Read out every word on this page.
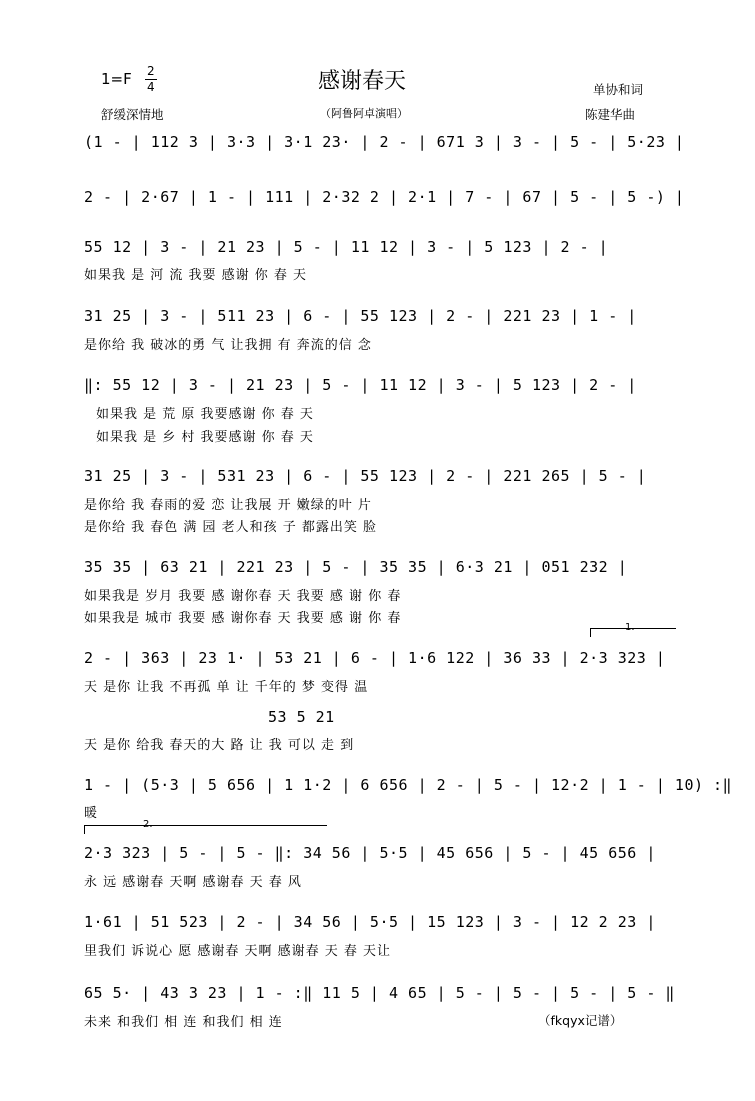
1=F 2
4	感谢春天	单协和词
舒缓深情地	（阿鲁阿卓演唱）	陈建华曲
(1 - | 112 3 | 3·3 | 3·1 23· | 2 - | 671 3 | 3 - | 5 - | 5·23 |
2 - | 2·67 | 1 - | 111 | 2·32 2 | 2·1 | 7 - | 67 | 5 - | 5 -) |
55 12 | 3 - | 21 23 | 5 - | 11 12 | 3 - | 5 123 | 2 - |
如果我 是 河 流 我要 感谢 你 春 天
31 25 | 3 - | 511 23 | 6 - | 55 123 | 2 - | 221 23 | 1 - |
是你给 我 破冰的勇 气 让我拥 有 奔流的信 念
‖: 55 12 | 3 - | 21 23 | 5 - | 11 12 | 3 - | 5 123 | 2 - |
如果我 是 荒 原 我要感谢 你 春 天
如果我 是 乡 村 我要感谢 你 春 天
31 25 | 3 - | 531 23 | 6 - | 55 123 | 2 - | 221 265 | 5 - |
是你给 我 春雨的爱 恋 让我展 开 嫩绿的叶 片
是你给 我 春色 满 园 老人和孩 子 都露出笑 脸
35 35 | 63 21 | 221 23 | 5 - | 35 35 | 6·3 21 | 051 232 |
如果我是 岁月 我要 感 谢你春 天 我要 感 谢 你 春
如果我是 城市 我要 感 谢你春 天 我要 感 谢 你 春
1.
2 - | 363 | 23 1· | 53 21 | 6 - | 1·6 122 | 36 33 | 2·3 323 |
天 是你 让我 不再孤 单 让 千年的 梦 变得 温
53 5 21
天 是你 给我 春天的大 路 让 我 可以 走 到
1 - | (5·3 | 5 656 | 1 1·2 | 6 656 | 2 - | 5 - | 12·2 | 1 - | 10) :‖
暖
2.
2·3 323 | 5 - | 5 - ‖: 34 56 | 5·5 | 45 656 | 5 - | 45 656 |
永 远 感谢春 天啊 感谢春 天 春 风
1·61 | 51 523 | 2 - | 34 56 | 5·5 | 15 123 | 3 - | 12 2 23 |
里我们 诉说心 愿 感谢春 天啊 感谢春 天 春 天让
65 5· | 43 3 23 | 1 - :‖ 11 5 | 4 65 | 5 - | 5 - | 5 - | 5 - ‖
未来 和我们 相 连 和我们 相 连	（fkqyx记谱）
